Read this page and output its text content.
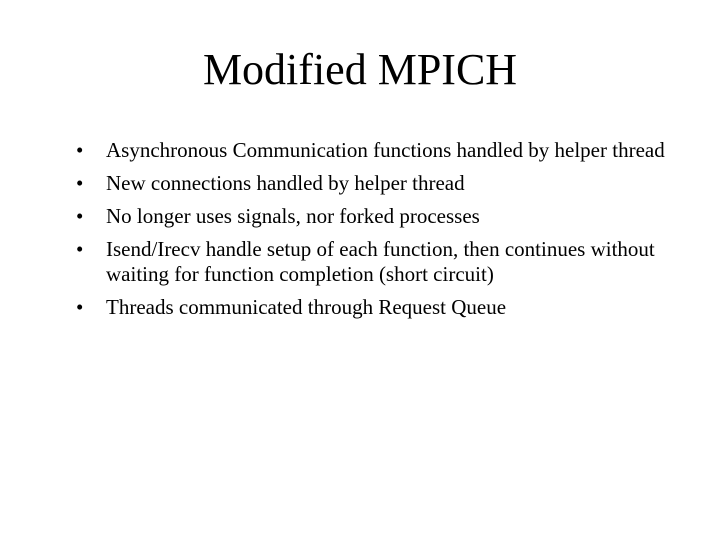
Modified MPICH
•	Asynchronous Communication functions handled by helper thread
•	New connections handled by helper thread
•	No longer uses signals, nor forked processes
•	Isend/Irecv handle setup of each function, then continues without waiting for function completion (short circuit)
•	Threads communicated through Request Queue
